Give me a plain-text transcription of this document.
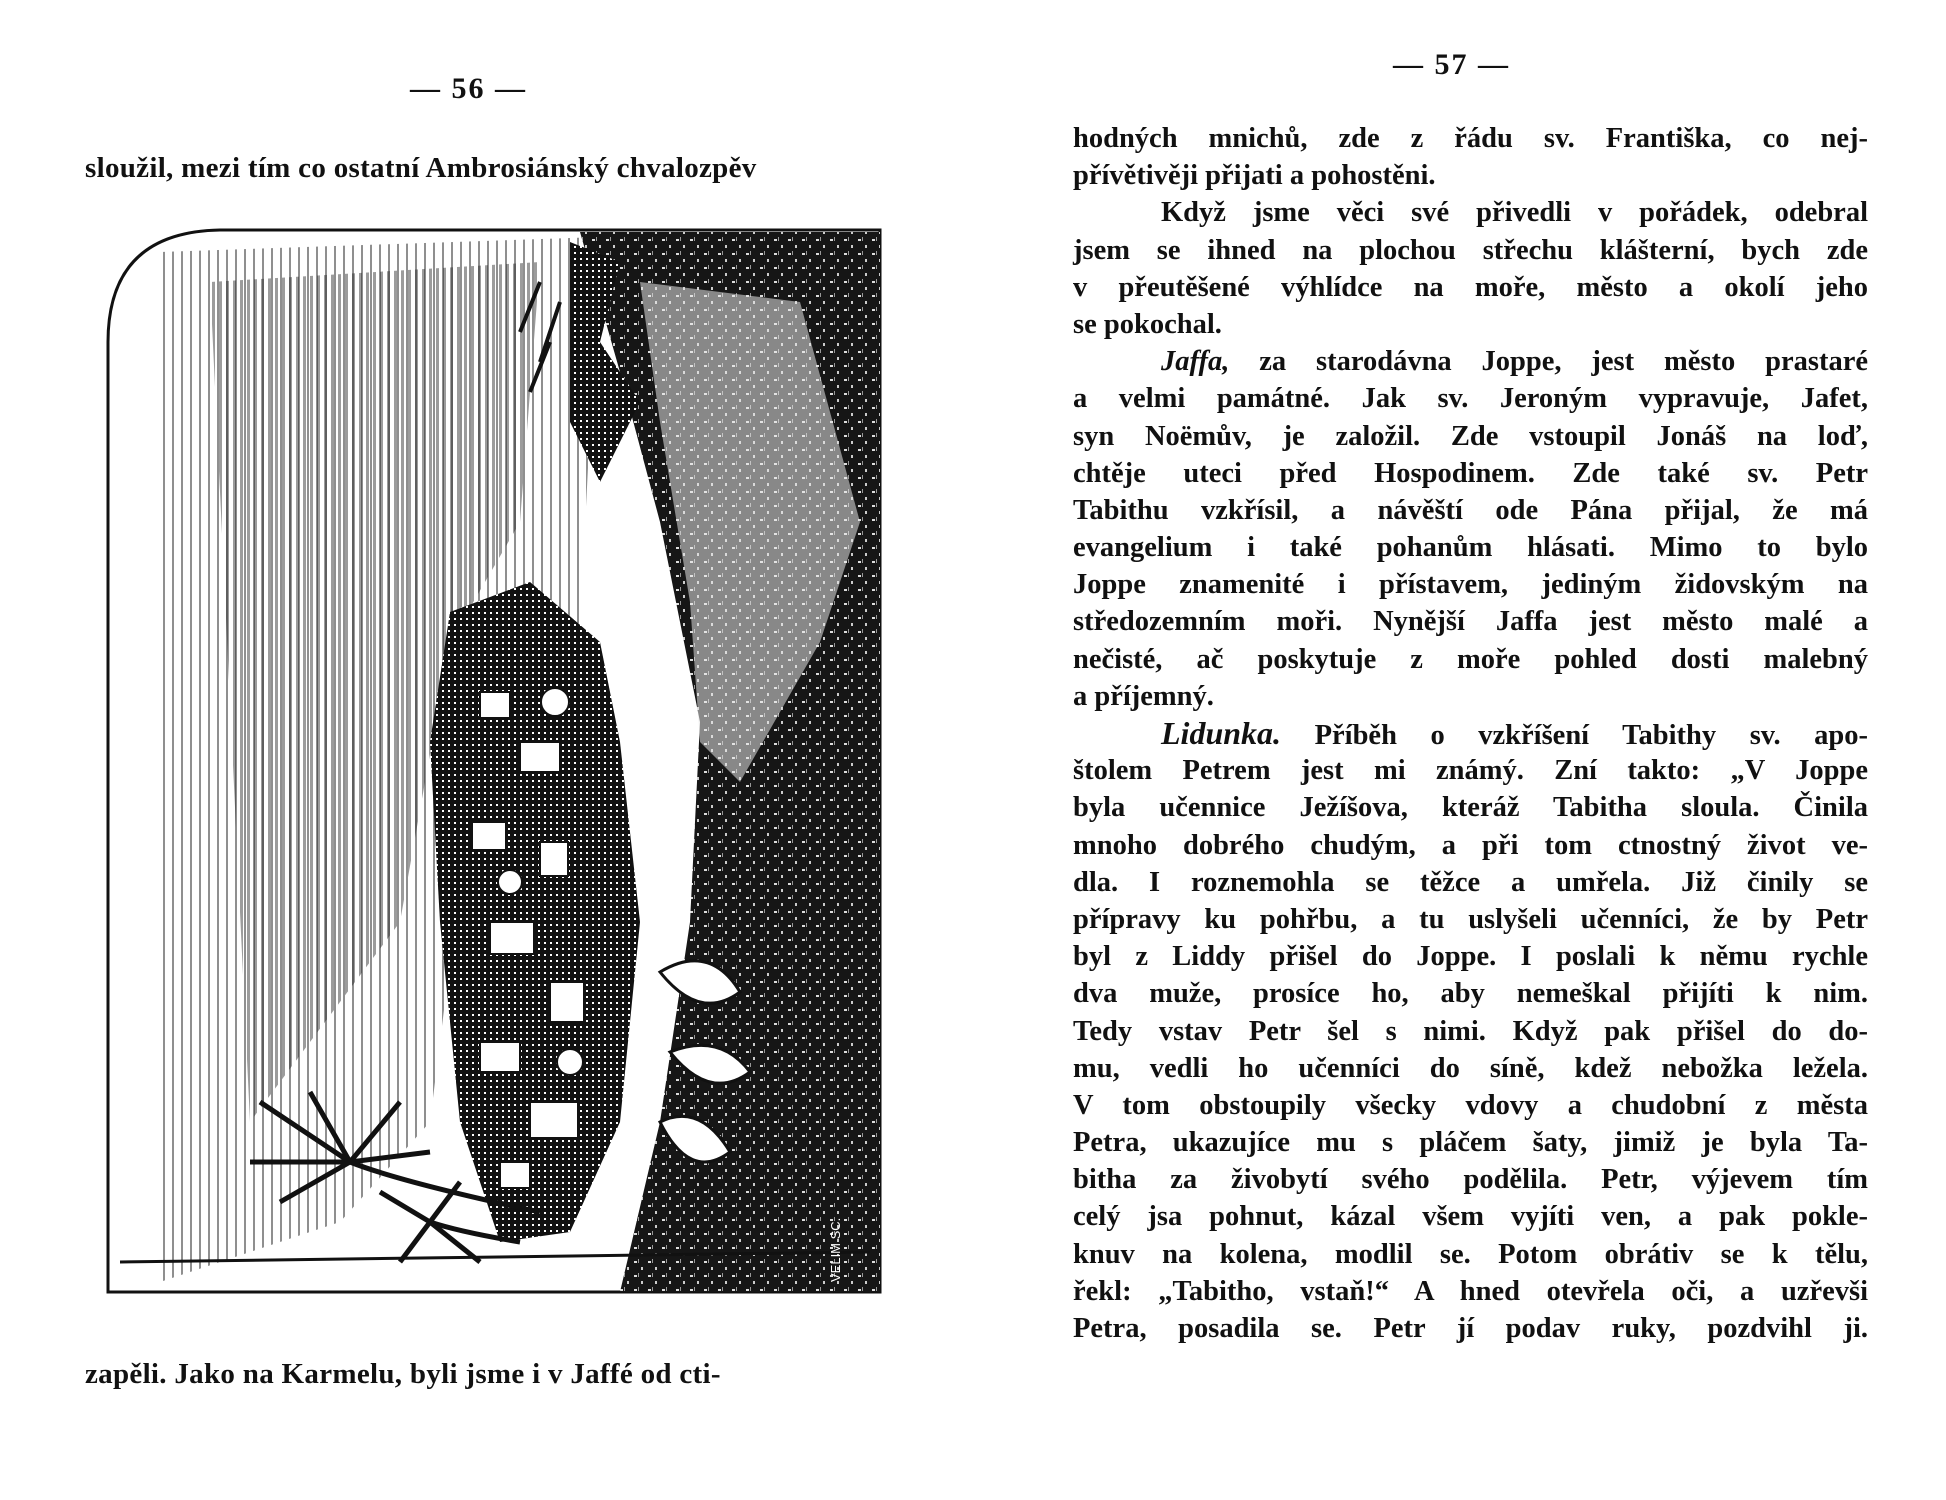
— 56 —
sloužil, mezi tím co ostatní Ambrosiánský chvalozpěv
VELIM SC.
zapěli. Jako na Karmelu, byli jsme i v Jaffé od cti-
— 57 —
hodných mnichů, zde z řádu sv. Františka, co nej-
přívětivěji přijati a pohostěni.
Když jsme věci své přivedli v pořádek, odebral
jsem se ihned na plochou střechu klášterní, bych zde
v přeutěšené výhlídce na moře, město a okolí jeho
se pokochal.
Jaffa, za starodávna Joppe, jest město prastaré
a velmi památné. Jak sv. Jeroným vypravuje, Jafet,
syn Noëmův, je založil. Zde vstoupil Jonáš na loď,
chtěje uteci před Hospodinem. Zde také sv. Petr
Tabithu vzkřísil, a návěští ode Pána přijal, že má
evangelium i také pohanům hlásati. Mimo to bylo
Joppe znamenité i přístavem, jediným židovským na
středozemním moři. Nynější Jaffa jest město malé a
nečisté, ač poskytuje z moře pohled dosti malebný
a příjemný.
Lidunka. Příběh o vzkříšení Tabithy sv. apo-
štolem Petrem jest mi známý. Zní takto: „V Joppe
byla učennice Ježíšova, kteráž Tabitha sloula. Činila
mnoho dobrého chudým, a při tom ctnostný život ve-
dla. I roznemohla se těžce a umřela. Již činily se
přípravy ku pohřbu, a tu uslyšeli učenníci, že by Petr
byl z Liddy přišel do Joppe. I poslali k němu rychle
dva muže, prosíce ho, aby nemeškal přijíti k nim.
Tedy vstav Petr šel s nimi. Když pak přišel do do-
mu, vedli ho učenníci do síně, kdež nebožka ležela.
V tom obstoupily všecky vdovy a chudobní z města
Petra, ukazujíce mu s pláčem šaty, jimiž je byla Ta-
bitha za živobytí svého podělila. Petr, výjevem tím
celý jsa pohnut, kázal všem vyjíti ven, a pak pokle-
knuv na kolena, modlil se. Potom obrátiv se k tělu,
řekl: „Tabitho, vstaň!“ A hned otevřela oči, a uzřevši
Petra, posadila se. Petr jí podav ruky, pozdvihl ji.
